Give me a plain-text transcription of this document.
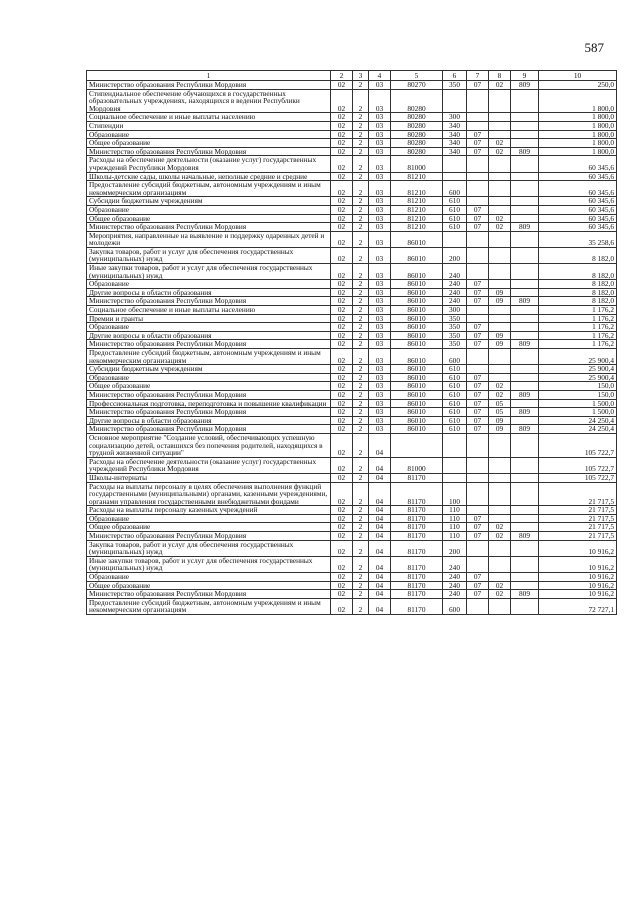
587
1	2	3	4	5	6	7	8	9	10
Министерство образования Республики Мордовия	02	2	03	80270	350	07	02	809	250,0
Стипендиальное обеспечение обучающихся в государственных образовательных учреждениях, находящихся в ведении Республики Мордовия	02	2	03	80280					1 800,0
Социальное обеспечение и иные выплаты населению	02	2	03	80280	300				1 800,0
Стипендии	02	2	03	80280	340				1 800,0
Образование	02	2	03	80280	340	07			1 800,0
Общее образование	02	2	03	80280	340	07	02		1 800,0
Министерство образования Республики Мордовия	02	2	03	80280	340	07	02	809	1 800,0
Расходы на обеспечение деятельности (оказание услуг) государственных учреждений Республики Мордовия	02	2	03	81000					60 345,6
Школы-детские сады, школы начальные, неполные средние и средние	02	2	03	81210					60 345,6
Предоставление субсидий бюджетным, автономным учреждениям и иным некоммерческим организациям	02	2	03	81210	600				60 345,6
Субсидии бюджетным учреждениям	02	2	03	81210	610				60 345,6
Образование	02	2	03	81210	610	07			60 345,6
Общее образование	02	2	03	81210	610	07	02		60 345,6
Министерство образования Республики Мордовия	02	2	03	81210	610	07	02	809	60 345,6
Мероприятия, направленные на выявление и поддержку одаренных детей и молодежи	02	2	03	86010					35 258,6
Закупка товаров, работ и услуг для обеспечения государственных (муниципальных) нужд	02	2	03	86010	200				8 182,0
Иные закупки товаров, работ и услуг для обеспечения государственных (муниципальных) нужд	02	2	03	86010	240				8 182,0
Образование	02	2	03	86010	240	07			8 182,0
Другие вопросы в области образования	02	2	03	86010	240	07	09		8 182,0
Министерство образования Республики Мордовия	02	2	03	86010	240	07	09	809	8 182,0
Социальное обеспечение и иные выплаты населению	02	2	03	86010	300				1 176,2
Премии и гранты	02	2	03	86010	350				1 176,2
Образование	02	2	03	86010	350	07			1 176,2
Другие вопросы в области образования	02	2	03	86010	350	07	09		1 176,2
Министерство образования Республики Мордовия	02	2	03	86010	350	07	09	809	1 176,2
Предоставление субсидий бюджетным, автономным учреждениям и иным некоммерческим организациям	02	2	03	86010	600				25 900,4
Субсидии бюджетным учреждениям	02	2	03	86010	610				25 900,4
Образование	02	2	03	86010	610	07			25 900,4
Общее образование	02	2	03	86010	610	07	02		150,0
Министерство образования Республики Мордовия	02	2	03	86010	610	07	02	809	150,0
Профессиональная подготовка, переподготовка и повышение квалификации	02	2	03	86010	610	07	05		1 500,0
Министерство образования Республики Мордовия	02	2	03	86010	610	07	05	809	1 500,0
Другие вопросы в области образования	02	2	03	86010	610	07	09		24 250,4
Министерство образования Республики Мордовия	02	2	03	86010	610	07	09	809	24 250,4
Основное мероприятие "Создание условий, обеспечивающих успешную социализацию детей, оставшихся без попечения родителей, находящихся в трудной жизненной ситуации"	02	2	04						105 722,7
Расходы на обеспечение деятельности (оказание услуг) государственных учреждений Республики Мордовия	02	2	04	81000					105 722,7
Школы-интернаты	02	2	04	81170					105 722,7
Расходы на выплаты персоналу в целях обеспечения выполнения функций государственными (муниципальными) органами, казенными учреждениями, органами управления государственными внебюджетными фондами	02	2	04	81170	100				21 717,5
Расходы на выплаты персоналу казенных учреждений	02	2	04	81170	110				21 717,5
Образование	02	2	04	81170	110	07			21 717,5
Общее образование	02	2	04	81170	110	07	02		21 717,5
Министерство образования Республики Мордовия	02	2	04	81170	110	07	02	809	21 717,5
Закупка товаров, работ и услуг для обеспечения государственных (муниципальных) нужд	02	2	04	81170	200				10 916,2
Иные закупки товаров, работ и услуг для обеспечения государственных (муниципальных) нужд	02	2	04	81170	240				10 916,2
Образование	02	2	04	81170	240	07			10 916,2
Общее образование	02	2	04	81170	240	07	02		10 916,2
Министерство образования Республики Мордовия	02	2	04	81170	240	07	02	809	10 916,2
Предоставление субсидий бюджетным, автономным учреждениям и иным некоммерческим организациям	02	2	04	81170	600				72 727,1
